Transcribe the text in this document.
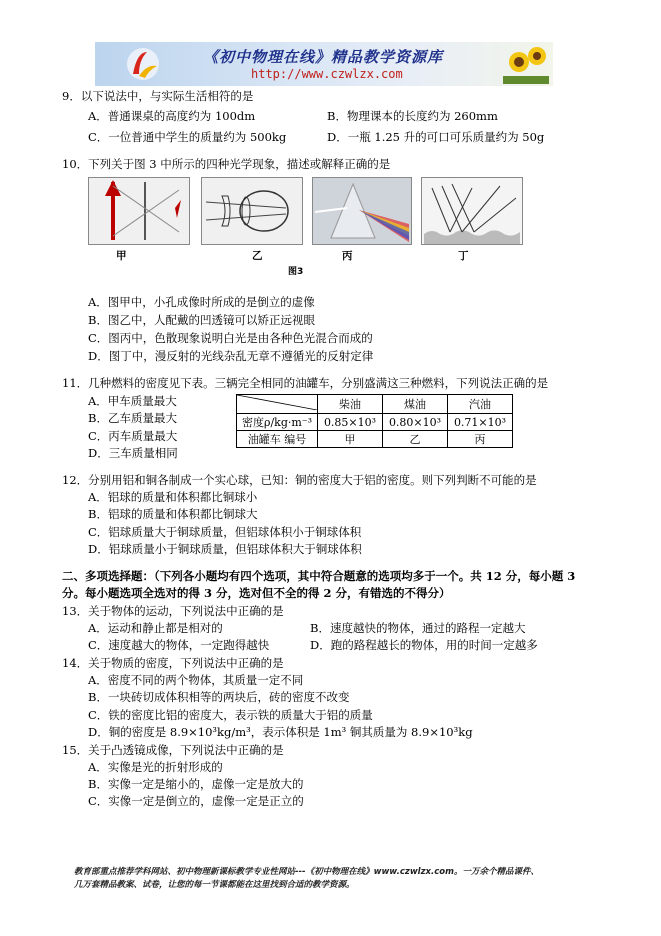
《初中物理在线》精品教学资源库
http://www.czwlzx.com
9．以下说法中，与实际生活相符的是
A．普通课桌的高度约为 100dm	B．物理课本的长度约为 260mm
C．一位普通中学生的质量约为 500kg	D．一瓶 1.25 升的可口可乐质量约为 50g
10．下列关于图 3 中所示的四种光学现象，描述或解释正确的是
甲	乙	丙	丁
图3
A．图甲中，小孔成像时所成的是倒立的虚像
B．图乙中，人配戴的凹透镜可以矫正远视眼
C．图丙中，色散现象说明白光是由各种色光混合而成的
D．图丁中，漫反射的光线杂乱无章不遵循光的反射定律
11．几种燃料的密度见下表。三辆完全相同的油罐车，分别盛满这三种燃料，下列说法正确的是
A．甲车质量最大
B．乙车质量最大
C．丙车质量最大
D．三车质量相同
	柴油	煤油	汽油
密度ρ/kg·m⁻³	0.85×10³	0.80×10³	0.71×10³
油罐车 编号	甲	乙	丙
12．分别用铝和铜各制成一个实心球，已知：铜的密度大于铝的密度。则下列判断不可能的是
A．铝球的质量和体积都比铜球小
B．铝球的质量和体积都比铜球大
C．铝球质量大于铜球质量，但铝球体积小于铜球体积
D．铝球质量小于铜球质量，但铝球体积大于铜球体积
二、多项选择题：（下列各小题均有四个选项，其中符合题意的选项均多于一个。共 12 分，每小题 3
分。每小题选项全选对的得 3 分，选对但不全的得 2 分，有错选的不得分）
13．关于物体的运动，下列说法中正确的是
A．运动和静止都是相对的	B．速度越快的物体，通过的路程一定越大
C．速度越大的物体，一定跑得越快	D．跑的路程越长的物体，用的时间一定越多
14．关于物质的密度，下列说法中正确的是
A．密度不同的两个物体，其质量一定不同
B．一块砖切成体积相等的两块后，砖的密度不改变
C．铁的密度比铝的密度大，表示铁的质量大于铝的质量
D．铜的密度是 8.9×10³kg/m³，表示体积是 1m³ 铜其质量为 8.9×10³kg
15．关于凸透镜成像，下列说法中正确的是
A．实像是光的折射形成的
B．实像一定是缩小的，虚像一定是放大的
C．实像一定是倒立的，虚像一定是正立的
教育部重点推荐学科网站、初中物理新课标教学专业性网站---《初中物理在线》www.czwlzx.com。一万余个精品课件、
几万套精品教案、试卷，让您的每一节课都能在这里找到合适的教学资源。
